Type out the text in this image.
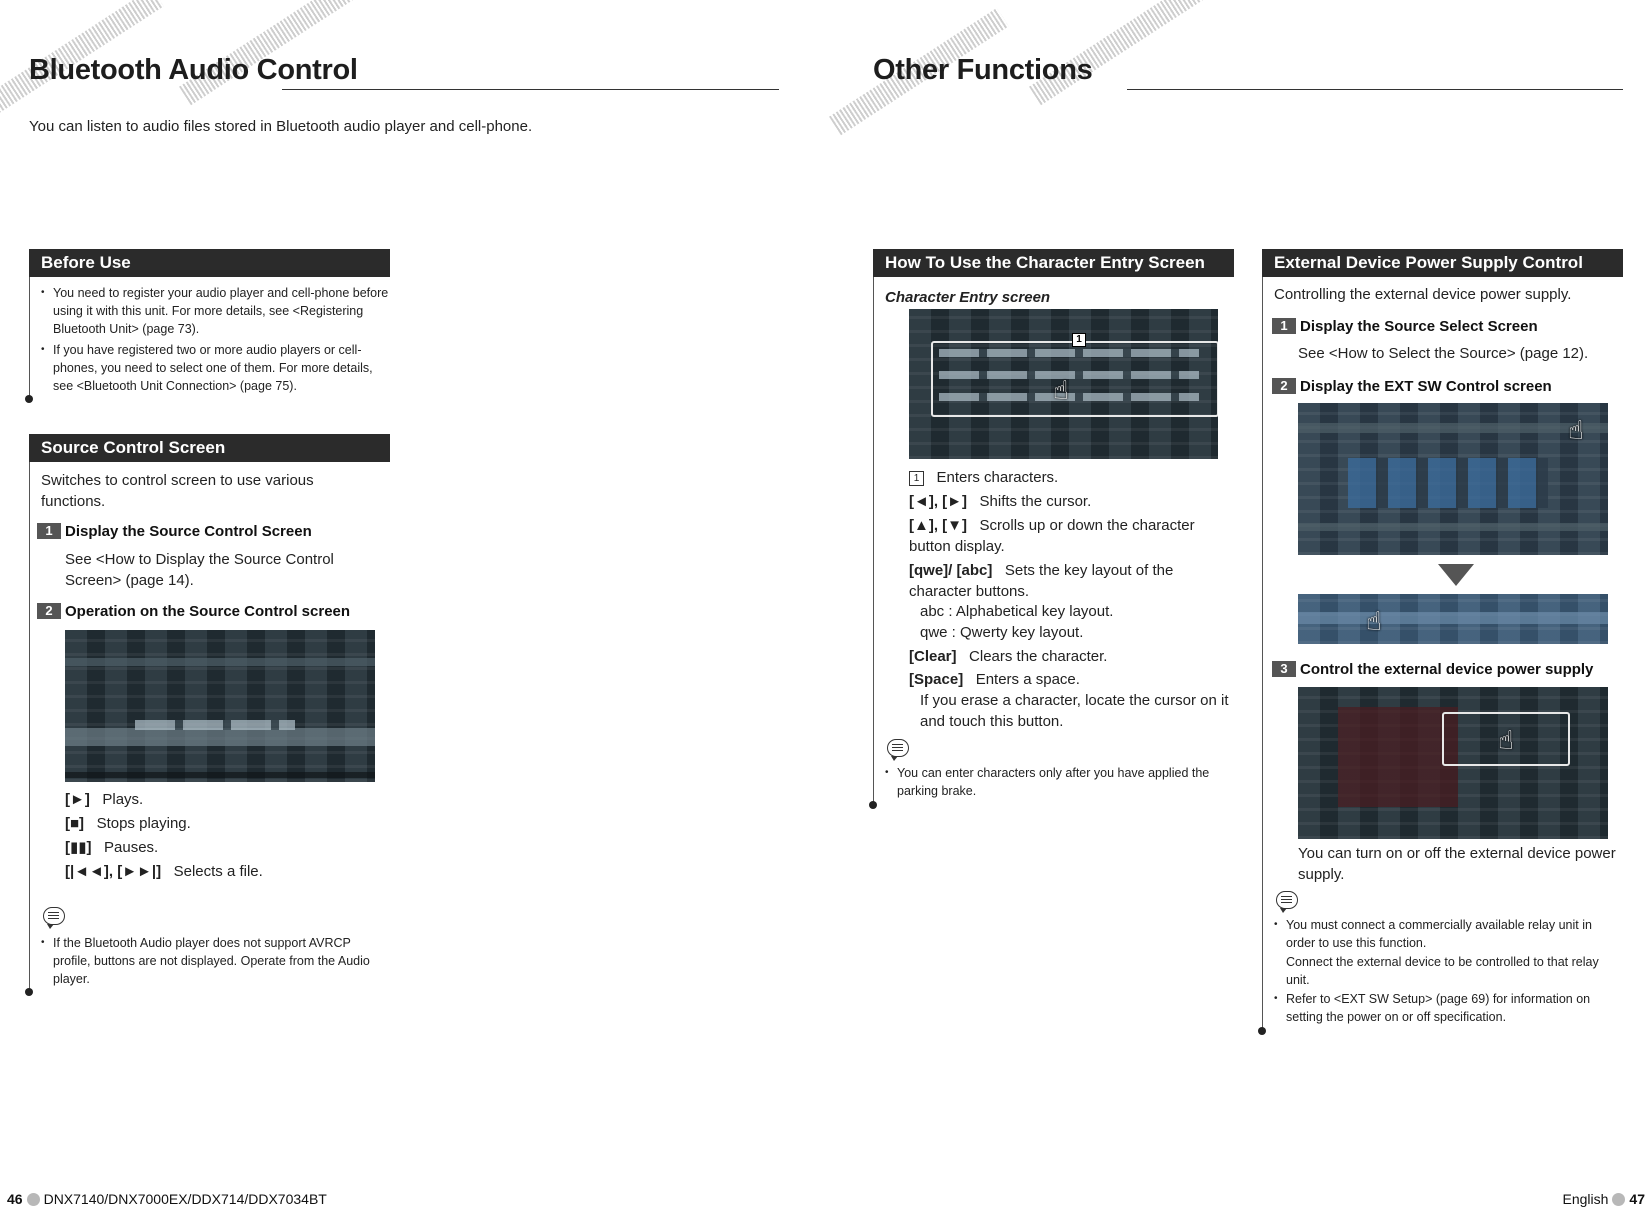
Bluetooth Audio Control
You can listen to audio files stored in Bluetooth audio player and cell-phone.
Before Use
• You need to register your audio player and cell-phone before using it with this unit. For more details, see <Registering Bluetooth Unit> (page 73).
• If you have registered two or more audio players or cell-phones, you need to select one of them. For more details, see <Bluetooth Unit Connection> (page 75).
Source Control Screen
Switches to control screen to use various functions.
1 Display the Source Control Screen
See <How to Display the Source Control Screen> (page 14).
2 Operation on the Source Control screen
[►] Plays.
[■] Stops playing.
[▮▮] Pauses.
[|◄◄], [►►|] Selects a file.
• If the Bluetooth Audio player does not support AVRCP profile, buttons are not displayed. Operate from the Audio player.
Other Functions
How To Use the Character Entry Screen
Character Entry screen
1
☝
1 Enters characters.
[◄], [►] Shifts the cursor.
[▲], [▼] Scrolls up or down the character button display.
[qwe]/ [abc] Sets the key layout of the character buttons.
abc : Alphabetical key layout.
qwe : Qwerty key layout.
[Clear] Clears the character.
[Space] Enters a space.
If you erase a character, locate the cursor on it and touch this button.
• You can enter characters only after you have applied the parking brake.
External Device Power Supply Control
Controlling the external device power supply.
1 Display the Source Select Screen
See <How to Select the Source> (page 12).
2 Display the EXT SW Control screen
☝
☝
3 Control the external device power supply
☝
You can turn on or off the external device power supply.
• You must connect a commercially available relay unit in order to use this function.
Connect the external device to be controlled to that relay unit.
• Refer to <EXT SW Setup> (page 69) for information on setting the power on or off specification.
46 DNX7140/DNX7000EX/DDX714/DDX7034BT	English 47
